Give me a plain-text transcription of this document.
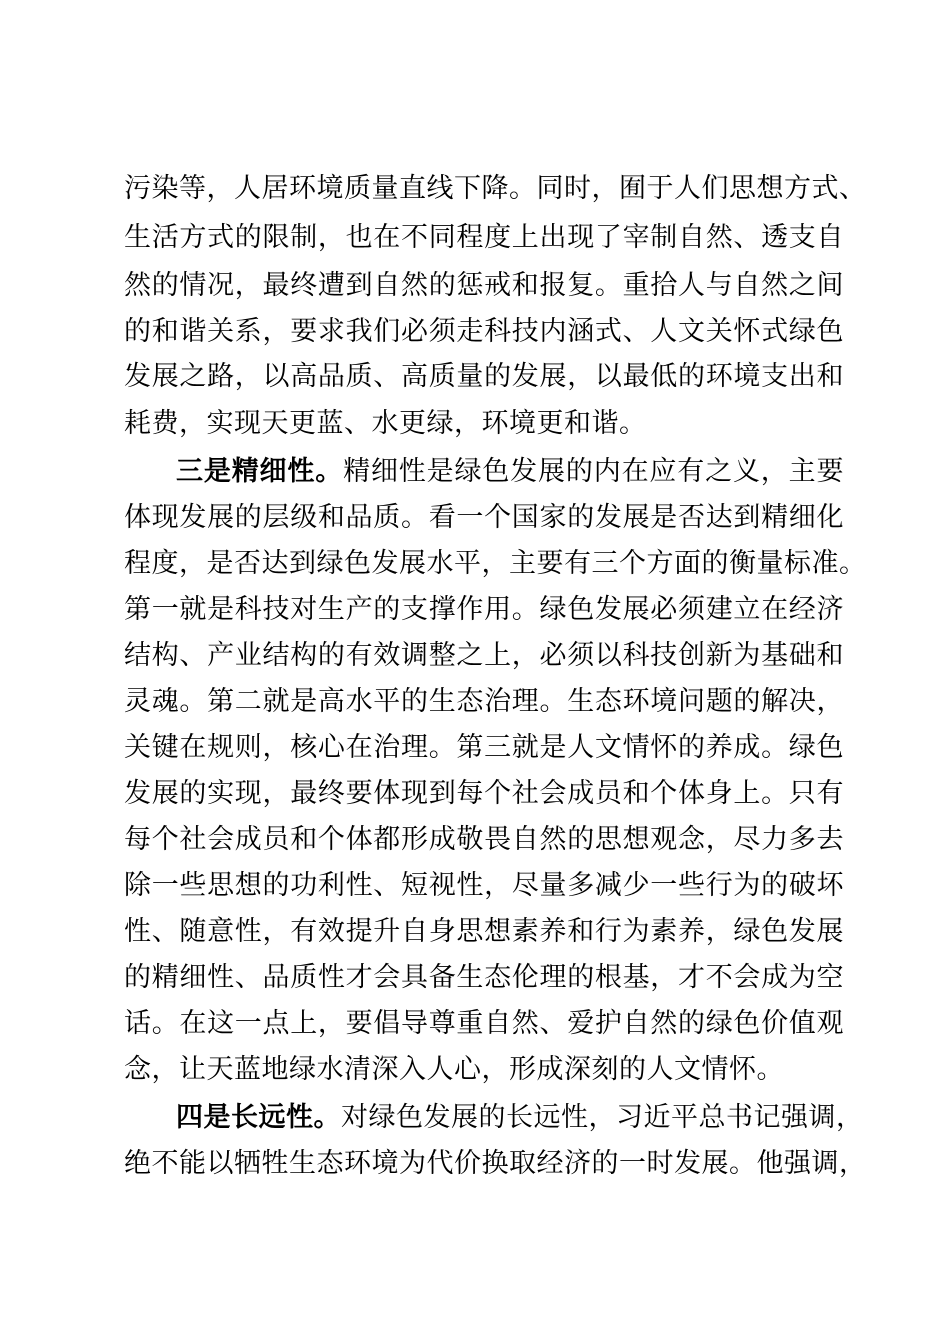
污染等，人居环境质量直线下降。同时，囿于人们思想方式、
生活方式的限制，也在不同程度上出现了宰制自然、透支自
然的情况，最终遭到自然的惩戒和报复。重拾人与自然之间
的和谐关系，要求我们必须走科技内涵式、人文关怀式绿色
发展之路，以高品质、高质量的发展，以最低的环境支出和
耗费，实现天更蓝、水更绿，环境更和谐。
三是精细性。精细性是绿色发展的内在应有之义，主要
体现发展的层级和品质。看一个国家的发展是否达到精细化
程度，是否达到绿色发展水平，主要有三个方面的衡量标准。
第一就是科技对生产的支撑作用。绿色发展必须建立在经济
结构、产业结构的有效调整之上，必须以科技创新为基础和
灵魂。第二就是高水平的生态治理。生态环境问题的解决，
关键在规则，核心在治理。第三就是人文情怀的养成。绿色
发展的实现，最终要体现到每个社会成员和个体身上。只有
每个社会成员和个体都形成敬畏自然的思想观念，尽力多去
除一些思想的功利性、短视性，尽量多减少一些行为的破坏
性、随意性，有效提升自身思想素养和行为素养，绿色发展
的精细性、品质性才会具备生态伦理的根基，才不会成为空
话。在这一点上，要倡导尊重自然、爱护自然的绿色价值观
念，让天蓝地绿水清深入人心，形成深刻的人文情怀。
四是长远性。对绿色发展的长远性，习近平总书记强调，
绝不能以牺牲生态环境为代价换取经济的一时发展。他强调，
